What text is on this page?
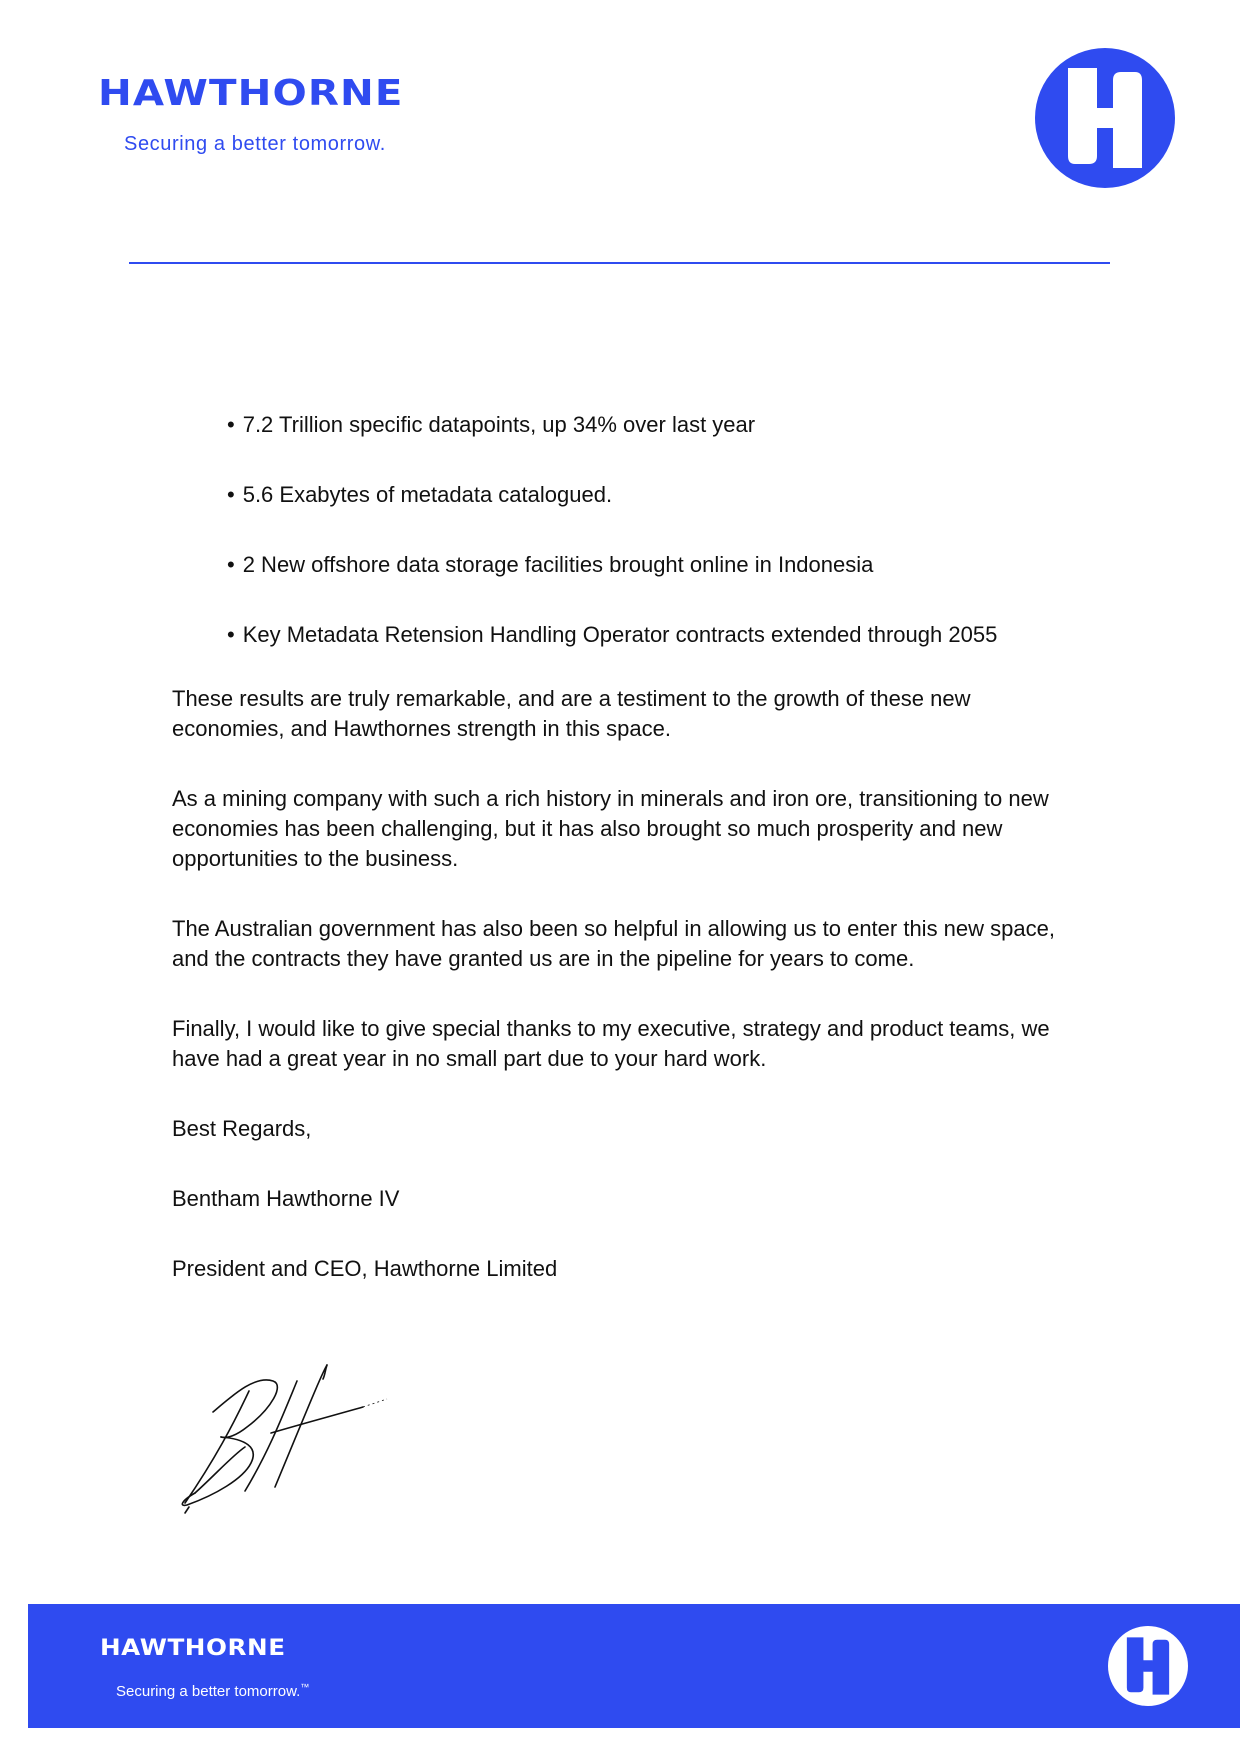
HAWTHORNE
Securing a better tomorrow.
• 7.2 Trillion specific datapoints, up 34% over last year
• 5.6 Exabytes of metadata catalogued.
• 2 New offshore data storage facilities brought online in Indonesia
• Key Metadata Retension Handling Operator contracts extended through 2055

These results are truly remarkable, and are a testiment to the growth of these new economies, and Hawthornes strength in this space.

As a mining company with such a rich history in minerals and iron ore, transitioning to new economies has been challenging, but it has also brought so much prosperity and new opportunities to the business.

The Australian government has also been so helpful in allowing us to enter this new space, and the contracts they have granted us are in the pipeline for years to come.

Finally, I would like to give special thanks to my executive, strategy and product teams, we have had a great year in no small part due to your hard work.

Best Regards,

Bentham Hawthorne IV

President and CEO, Hawthorne Limited

HAWTHORNE
Securing a better tomorrow.™
